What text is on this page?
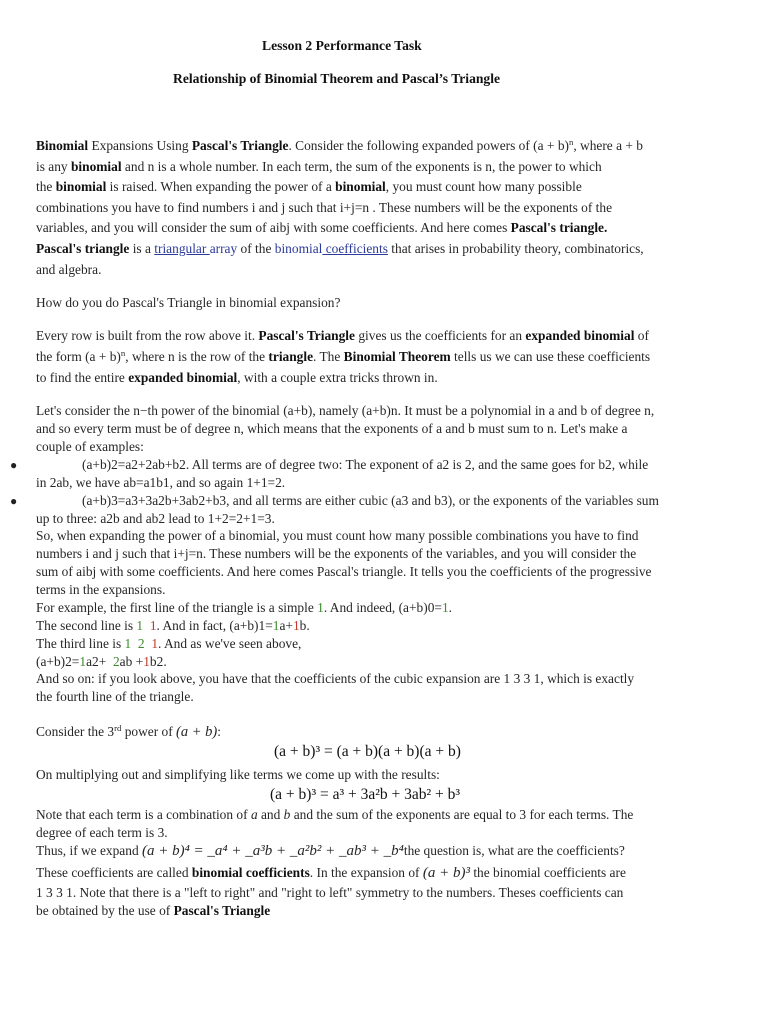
Lesson 2 Performance Task
Relationship of Binomial Theorem and Pascal’s Triangle
Binomial Expansions Using Pascal's Triangle. Consider the following expanded powers of $(a + b)^n$, where a + b
is any binomial and n is a whole number. In each term, the sum of the exponents is n, the power to which
the binomial is raised. When expanding the power of a binomial, you must count how many possible
combinations you have to find numbers i and j such that i+j=n . These numbers will be the exponents of the
variables, and you will consider the sum of aibj with some coefficients. And here comes Pascal's triangle.
Pascal's triangle is a triangular array of the binomial coefficients that arises in probability theory, combinatorics,
and algebra.
How do you do Pascal's Triangle in binomial expansion?
Every row is built from the row above it. Pascal's Triangle gives us the coefficients for an expanded binomial of
the form $(a + b)^n$, where n is the row of the triangle. The Binomial Theorem tells us we can use these coefficients
to find the entire expanded binomial, with a couple extra tricks thrown in.
Let's consider the n−th power of the binomial (a+b), namely (a+b)n. It must be a polynomial in a and b of degree n,
and so every term must be of degree n, which means that the exponents of a and b must sum to n. Let's make a
couple of examples:
●	(a+b)2=a2+2ab+b2. All terms are of degree two: The exponent of a2 is 2, and the same goes for b2, while
in 2ab, we have ab=a1b1, and so again 1+1=2.
●	(a+b)3=a3+3a2b+3ab2+b3, and all terms are either cubic (a3 and b3), or the exponents of the variables sum
up to three: a2b and ab2 lead to 1+2=2+1=3.
So, when expanding the power of a binomial, you must count how many possible combinations you have to find
numbers i and j such that i+j=n. These numbers will be the exponents of the variables, and you will consider the
sum of aibj with some coefficients. And here comes Pascal's triangle. It tells you the coefficients of the progressive
terms in the expansions.
For example, the first line of the triangle is a simple 1. And indeed, (a+b)0=1.
The second line is 1 1. And in fact, (a+b)1=1a+1b.
The third line is 1 2 1. And as we've seen above,
(a+b)2=1a2+  2ab +1b2.
And so on: if you look above, you have that the coefficients of the cubic expansion are 1 3 3 1, which is exactly
the fourth line of the triangle.
Consider the 3rd power of (a + b):
(a + b)³ = (a + b)(a + b)(a + b)
On multiplying out and simplifying like terms we come up with the results:
(a + b)³ = a³ + 3a²b + 3ab² + b³
Note that each term is a combination of a and b and the sum of the exponents are equal to 3 for each terms. The
degree of each term is 3.
Thus, if we expand (a + b)⁴ = _a⁴ + _a³b + _a²b² + _ab³ + _b⁴the question is, what are the coefficients?
These coefficients are called binomial coefficients. In the expansion of (a + b)³ the binomial coefficients are
1 3 3 1. Note that there is a "left to right" and "right to left" symmetry to the numbers. Theses coefficients can
be obtained by the use of Pascal's Triangle
